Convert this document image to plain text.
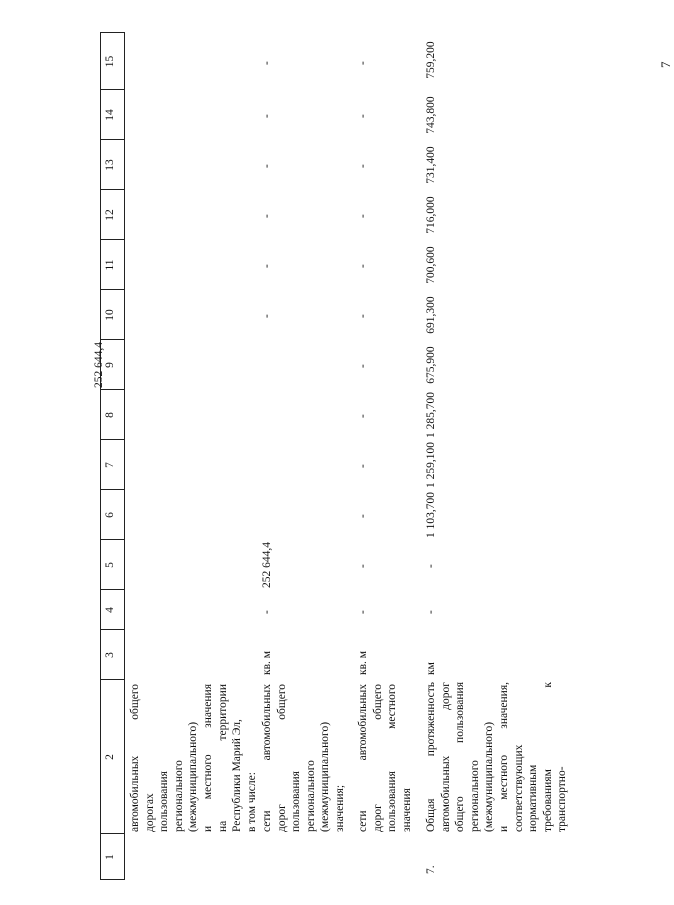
7
1
2
3
4
5
6
7
8
9
10
11
12
13
14
15
автомобильных общего дорогах пользования регионального (межмуниципального) и местного значения на территории Республики Марий Эл, в том числе: сети автомобильных дорог общего пользования регионального (межмуниципального) значения;
кв. м
-
252 644,4
252 644,4
-
-
-
-
-
-
сети автомобильных дорог общего пользования местного значения
кв. м
-
-
-
-
-
-
-
-
-
-
-
-
7.
км
-
-
1 103,700
1 259,100
1 285,700
675,900
691,300
700,600
716,000
731,400
743,800
759,200
Общая протяженность автомобильных дорог общего пользования регионального (межмуниципального) и местного значения, соответствующих нормативным требованиям к транспортно-
